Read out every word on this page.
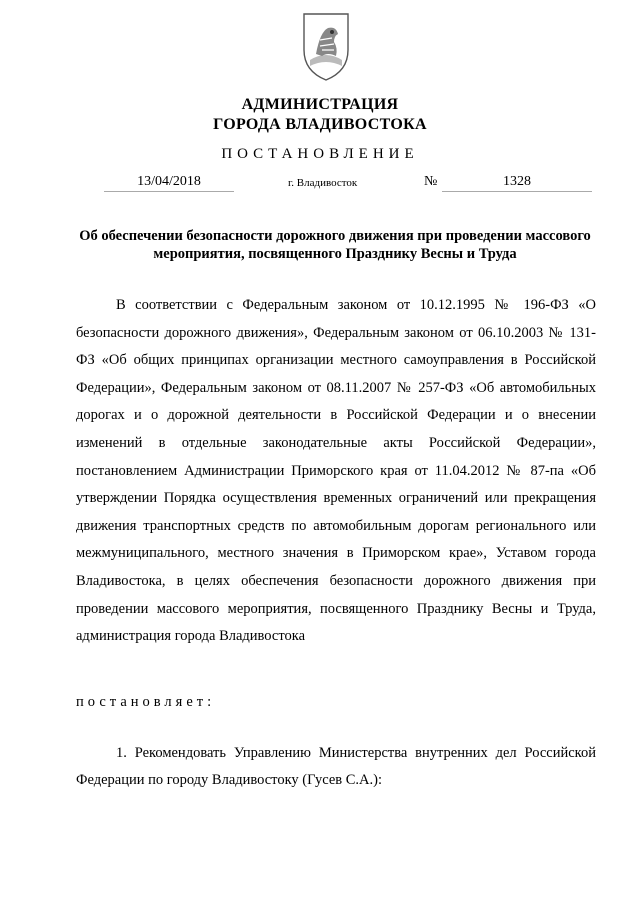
АДМИНИСТРАЦИЯ
ГОРОДА ВЛАДИВОСТОКА
ПОСТАНОВЛЕНИЕ
13/04/2018	г. Владивосток	№	1328
Об обеспечении безопасности дорожного движения при проведении массового мероприятия, посвященного Празднику Весны и Труда

В соответствии с Федеральным законом от 10.12.1995 № 196-ФЗ «О безопасности дорожного движения», Федеральным законом от 06.10.2003 № 131-ФЗ «Об общих принципах организации местного самоуправления в Российской Федерации», Федеральным законом от 08.11.2007 № 257-ФЗ «Об автомобильных дорогах и о дорожной деятельности в Российской Федерации и о внесении изменений в отдельные законодательные акты Российской Федерации», постановлением Администрации Приморского края от 11.04.2012 № 87-па «Об утверждении Порядка осуществления временных ограничений или прекращения движения транспортных средств по автомобильным дорогам регионального или межмуниципального, местного значения в Приморском крае», Уставом города Владивостока, в целях обеспечения безопасности дорожного движения при проведении массового мероприятия, посвященного Празднику Весны и Труда, администрация города Владивостока

постановляет:

1. Рекомендовать Управлению Министерства внутренних дел Российской Федерации по городу Владивостоку (Гусев С.А.):
